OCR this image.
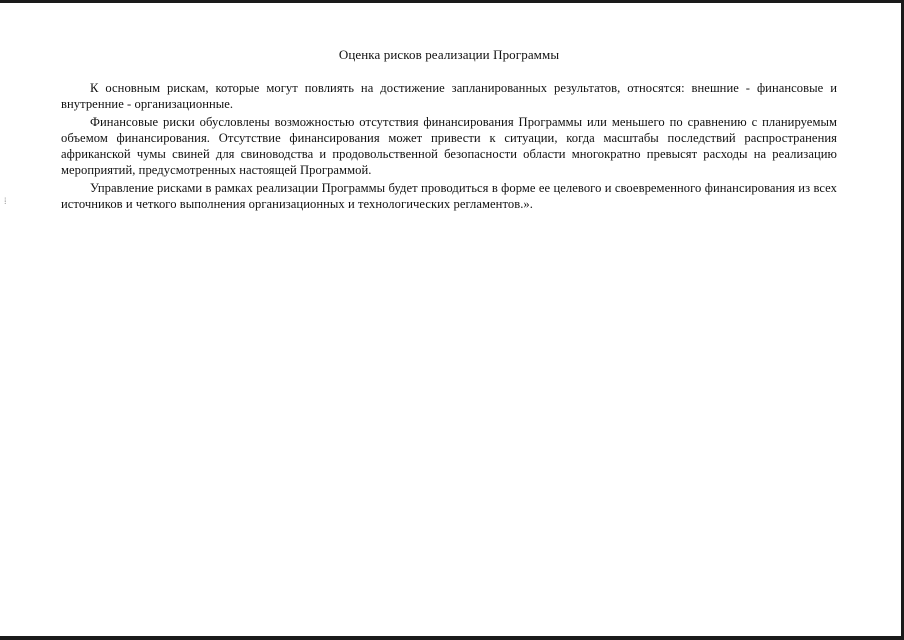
⁞
Оценка рисков реализации Программы

К основным рискам, которые могут повлиять на достижение запланированных результатов, относятся: внешние - финансовые и внутренние - организационные.

Финансовые риски обусловлены возможностью отсутствия финансирования Программы или меньшего по сравнению с планируемым объемом финансирования. Отсутствие финансирования может привести к ситуации, когда масштабы последствий распространения африканской чумы свиней для свиноводства и продовольственной безопасности области многократно превысят расходы на реализацию мероприятий, предусмотренных настоящей Программой.

Управление рисками в рамках реализации Программы будет проводиться в форме ее целевого и своевременного финансирования из всех источников и четкого выполнения организационных и технологических регламентов.».
